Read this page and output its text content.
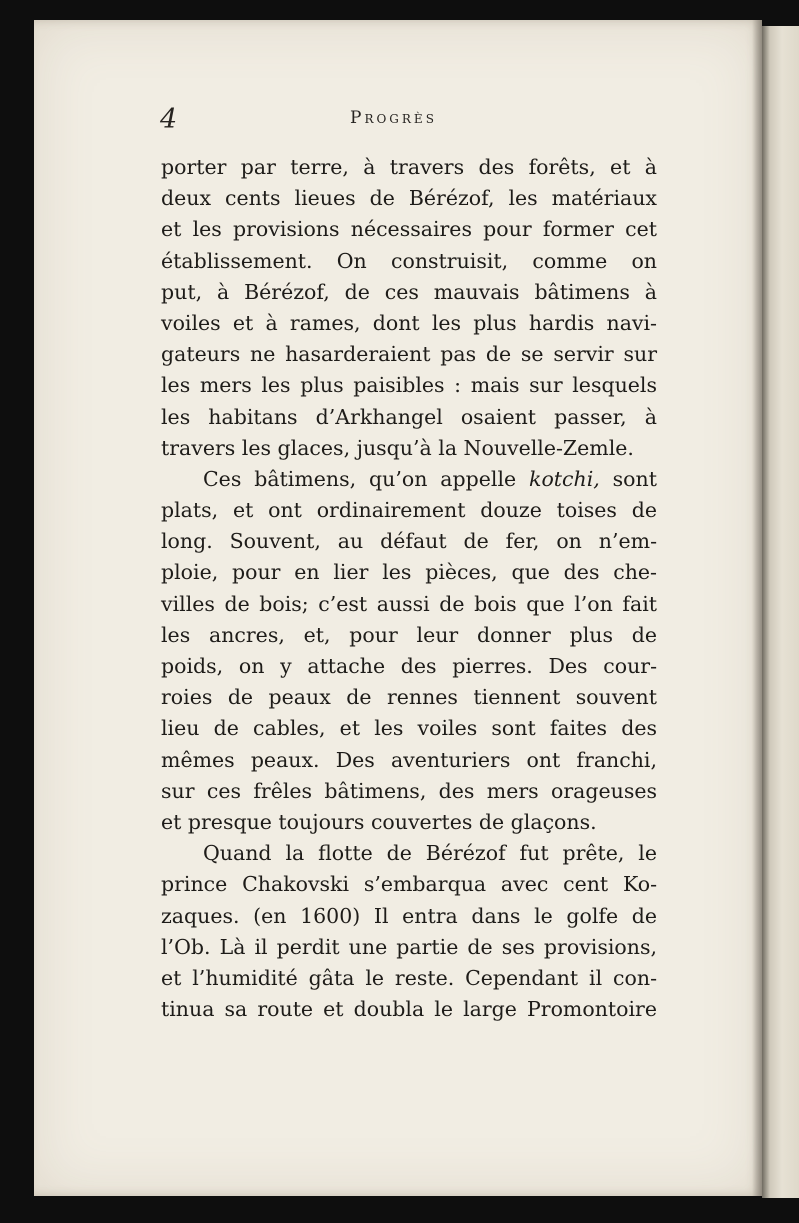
4	Progrès
porter par terre, à travers des forêts, et à
deux cents lieues de Bérézof, les matériaux
et les provisions nécessaires pour former cet
établissement. On construisit, comme on
put, à Bérézof, de ces mauvais bâtimens à
voiles et à rames, dont les plus hardis navi-
gateurs ne hasarderaient pas de se servir sur
les mers les plus paisibles : mais sur lesquels
les habitans d’Arkhangel osaient passer, à
travers les glaces, jusqu’à la Nouvelle-Zemle.
Ces bâtimens, qu’on appelle kotchi, sont
plats, et ont ordinairement douze toises de
long. Souvent, au défaut de fer, on n’em-
ploie, pour en lier les pièces, que des che-
villes de bois; c’est aussi de bois que l’on fait
les ancres, et, pour leur donner plus de
poids, on y attache des pierres. Des cour-
roies de peaux de rennes tiennent souvent
lieu de cables, et les voiles sont faites des
mêmes peaux. Des aventuriers ont franchi,
sur ces frêles bâtimens, des mers orageuses
et presque toujours couvertes de glaçons.
Quand la flotte de Bérézof fut prête, le
prince Chakovski s’embarqua avec cent Ko-
zaques. (en 1600) Il entra dans le golfe de
l’Ob. Là il perdit une partie de ses provisions,
et l’humidité gâta le reste. Cependant il con-
tinua sa route et doubla le large Promontoire
